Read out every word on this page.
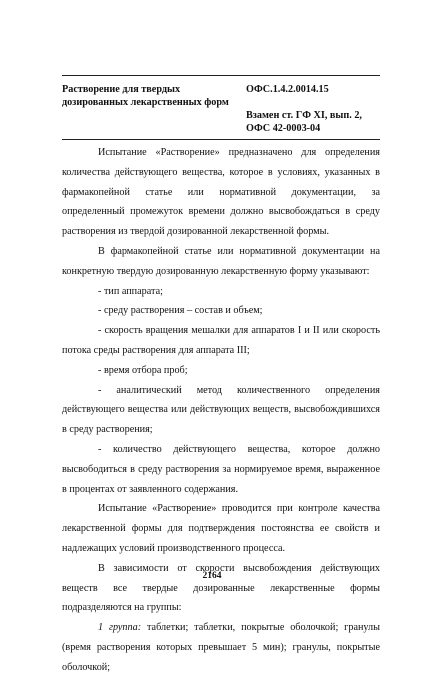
Растворение для твердых
дозированных лекарственных форм
ОФС.1.4.2.0014.15
Взамен ст. ГФ XI, вып. 2,
ОФС 42-0003-04

Испытание «Растворение» предназначено для определения количества действующего вещества, которое в условиях, указанных в фармакопейной статье или нормативной документации, за определенный промежуток времени должно высвобождаться в среду растворения из твердой дозированной лекарственной формы.

В фармакопейной статье или нормативной документации на конкретную твердую дозированную лекарственную форму указывают:

- тип аппарата;

- среду растворения – состав и объем;

- скорость вращения мешалки для аппаратов I и II или скорость потока среды растворения для аппарата III;

- время отбора проб;

- аналитический метод количественного определения действующего вещества или действующих веществ, высвобождившихся в среду растворения;

- количество действующего вещества, которое должно высвободиться в среду растворения за нормируемое время, выраженное в процентах от заявленного содержания.

Испытание «Растворение» проводится при контроле качества лекарственной формы для подтверждения постоянства ее свойств и надлежащих условий производственного процесса.

В зависимости от скорости высвобождения действующих веществ все твердые дозированные лекарственные формы подразделяются на группы:

1 группа: таблетки; таблетки, покрытые оболочкой; гранулы (время растворения которых превышает 5 мин); гранулы, покрытые оболочкой;

2164
